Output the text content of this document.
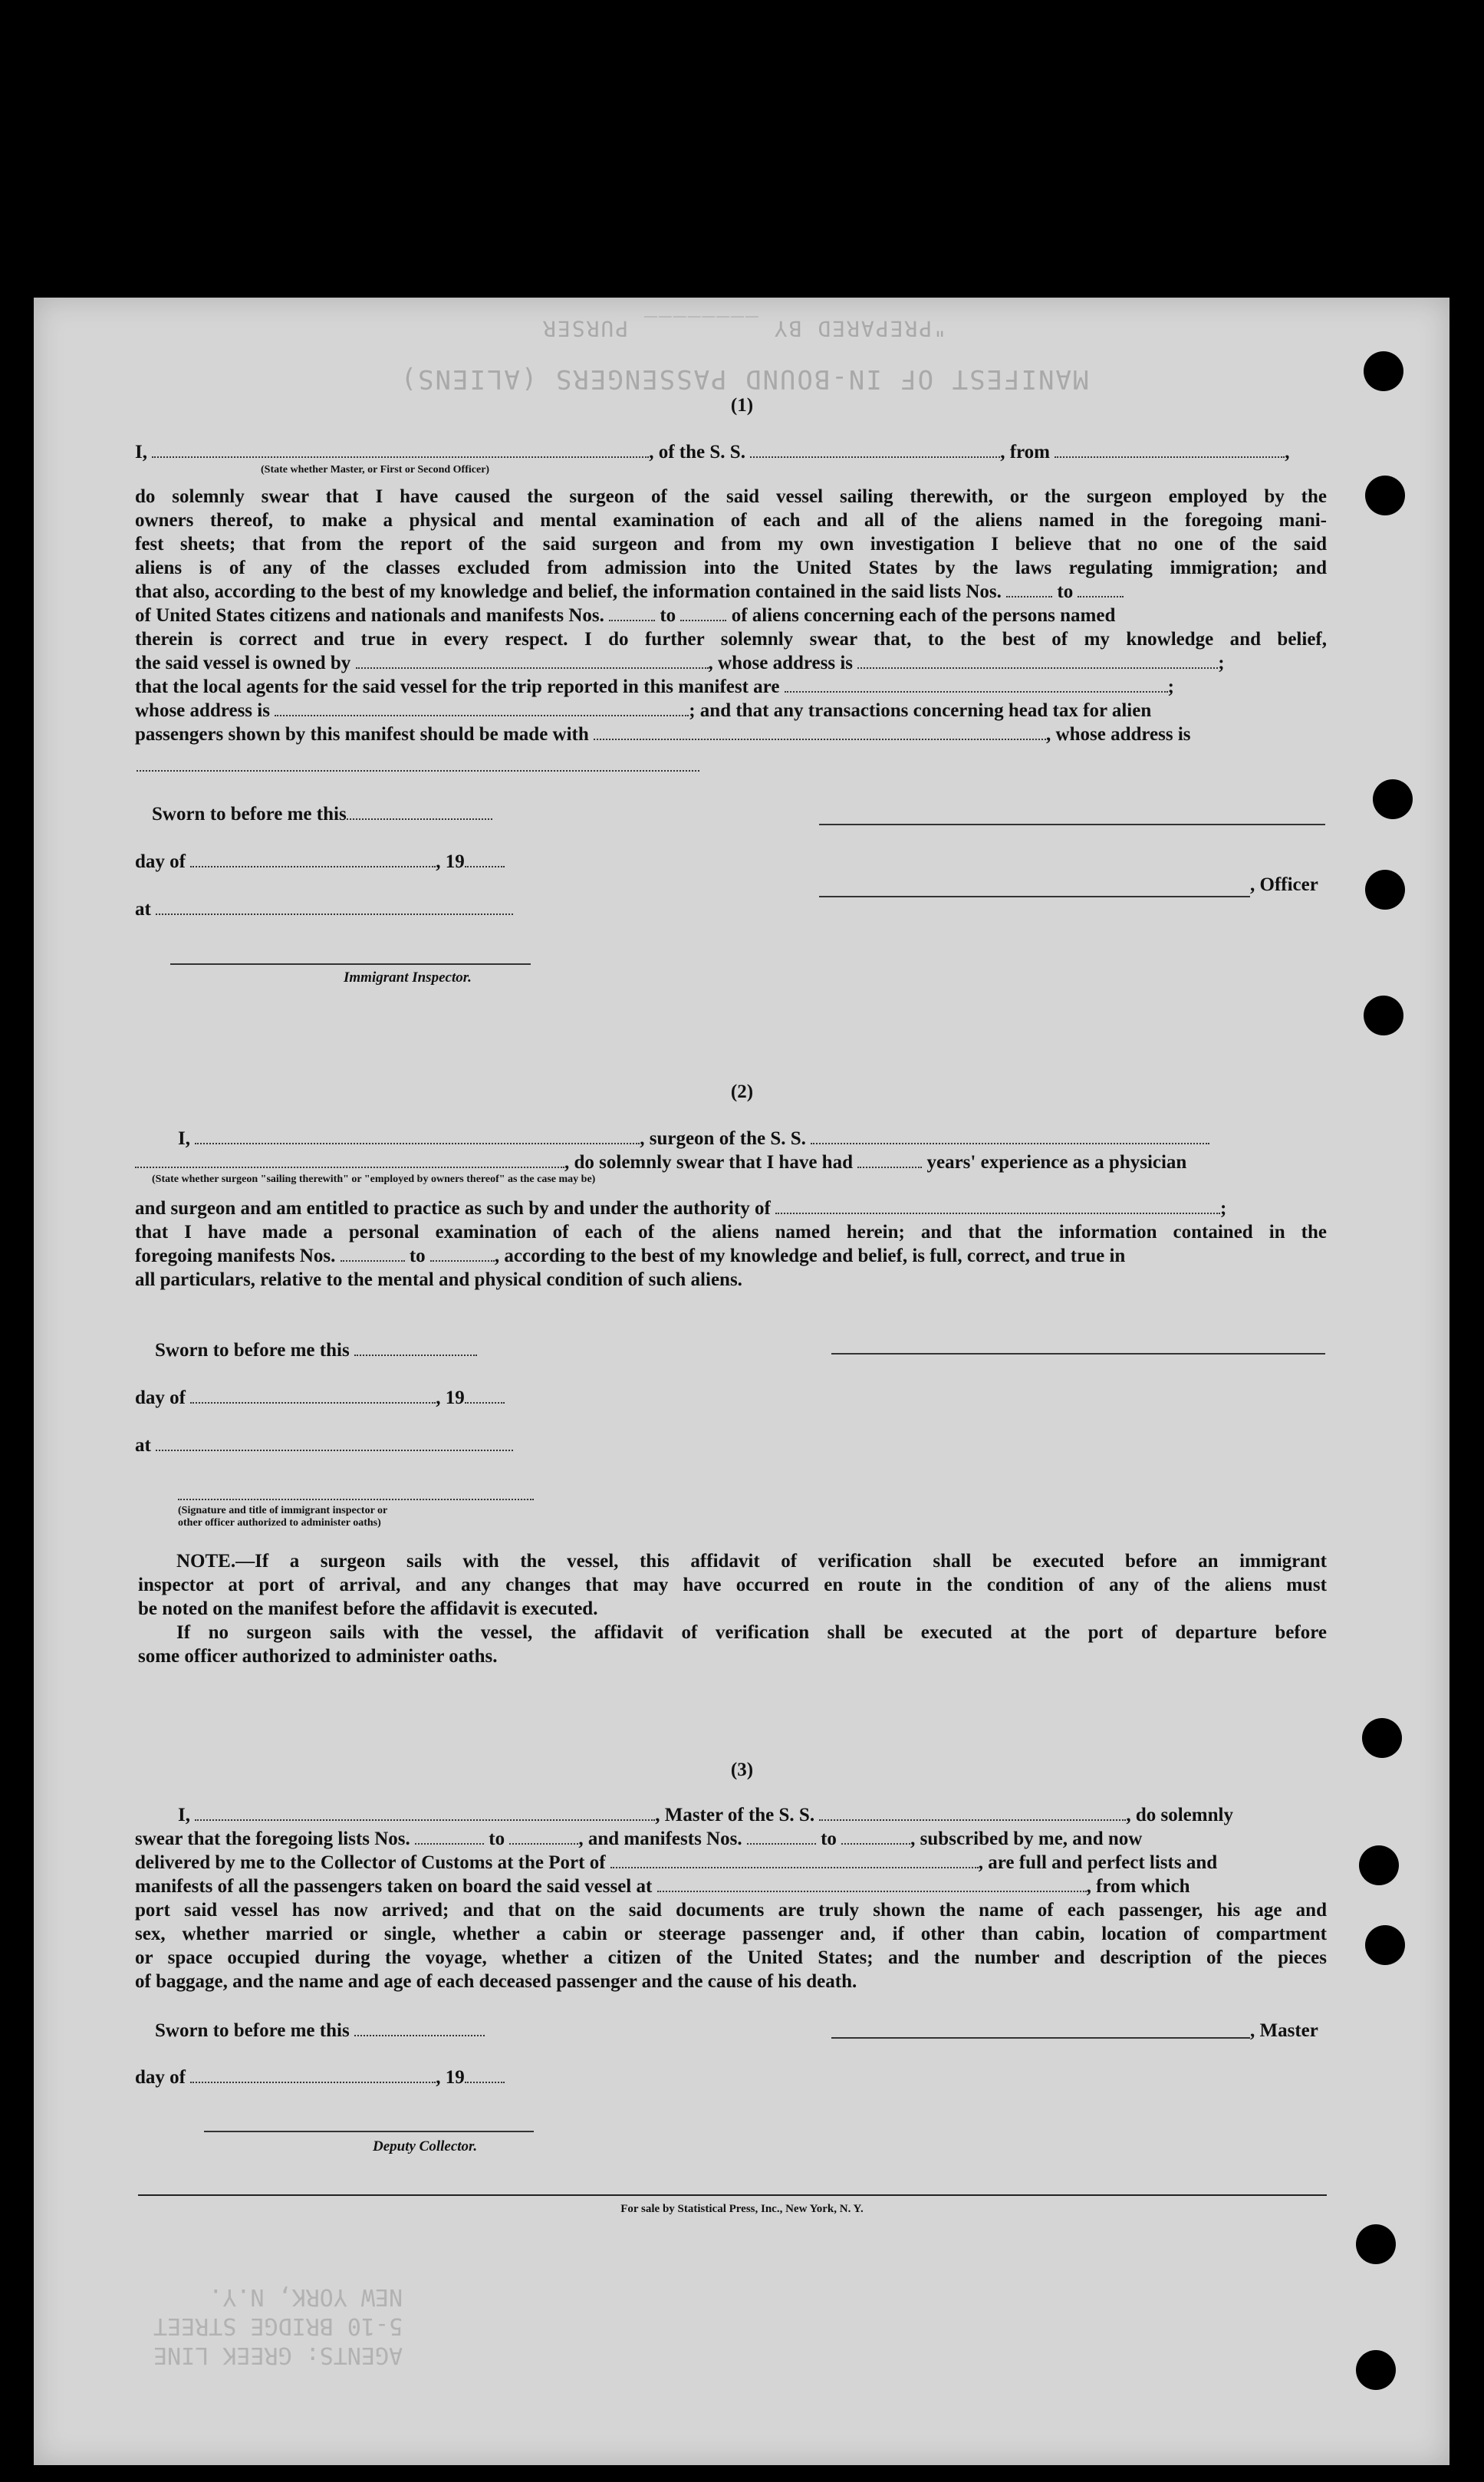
"PREPARED BY ________ PURSER
MANIFEST OF IN-BOUND PASSENGERS (ALIENS)
(1)
I,	, of the S. S.	, from	,
(State whether Master, or First or Second Officer)
do solemnly swear that I have caused the surgeon of the said vessel sailing therewith, or the surgeon employed by the
owners thereof, to make a physical and mental examination of each and all of the aliens named in the foregoing mani-
fest sheets; that from the report of the said surgeon and from my own investigation I believe that no one of the said
aliens is of any of the classes excluded from admission into the United States by the laws regulating immigration; and
that also, according to the best of my knowledge and belief, the information contained in the said lists Nos.	to
of United States citizens and nationals and manifests Nos.	to	of aliens concerning each of the persons named
therein is correct and true in every respect. I do further solemnly swear that, to the best of my knowledge and belief,
the said vessel is owned by	, whose address is	;
that the local agents for the said vessel for the trip reported in this manifest are	;
whose address is	; and that any transactions concerning head tax for alien
passengers shown by this manifest should be made with	, whose address is
Sworn to before me this
day of	, 19
, Officer
at
Immigrant Inspector.
(2)
I,	, surgeon of the S. S.
, do solemnly swear that I have had	years' experience as a physician
(State whether surgeon "sailing therewith" or "employed by owners thereof" as the case may be)
and surgeon and am entitled to practice as such by and under the authority of	;
that I have made a personal examination of each of the aliens named herein; and that the information contained in the
foregoing manifests Nos.	to	, according to the best of my knowledge and belief, is full, correct, and true in
all particulars, relative to the mental and physical condition of such aliens.
Sworn to before me this
day of	, 19
at
(Signature and title of immigrant inspector or
other officer authorized to administer oaths)
NOTE.—If a surgeon sails with the vessel, this affidavit of verification shall be executed before an immigrant
inspector at port of arrival, and any changes that may have occurred en route in the condition of any of the aliens must
be noted on the manifest before the affidavit is executed.
If no surgeon sails with the vessel, the affidavit of verification shall be executed at the port of departure before
some officer authorized to administer oaths.
(3)
I,	, Master of the S. S.	, do solemnly
swear that the foregoing lists Nos.	to	, and manifests Nos.	to	, subscribed by me, and now
delivered by me to the Collector of Customs at the Port of	, are full and perfect lists and
manifests of all the passengers taken on board the said vessel at	, from which
port said vessel has now arrived; and that on the said documents are truly shown the name of each passenger, his age and
sex, whether married or single, whether a cabin or steerage passenger and, if other than cabin, location of compartment
or space occupied during the voyage, whether a citizen of the United States; and the number and description of the pieces
of baggage, and the name and age of each deceased passenger and the cause of his death.
Sworn to before me this	, Master
day of	, 19
Deputy Collector.
For sale by Statistical Press, Inc., New York, N. Y.
AGENTS: GREEK LINE
5-10 BRIDGE STREET
NEW YORK, N.Y.
